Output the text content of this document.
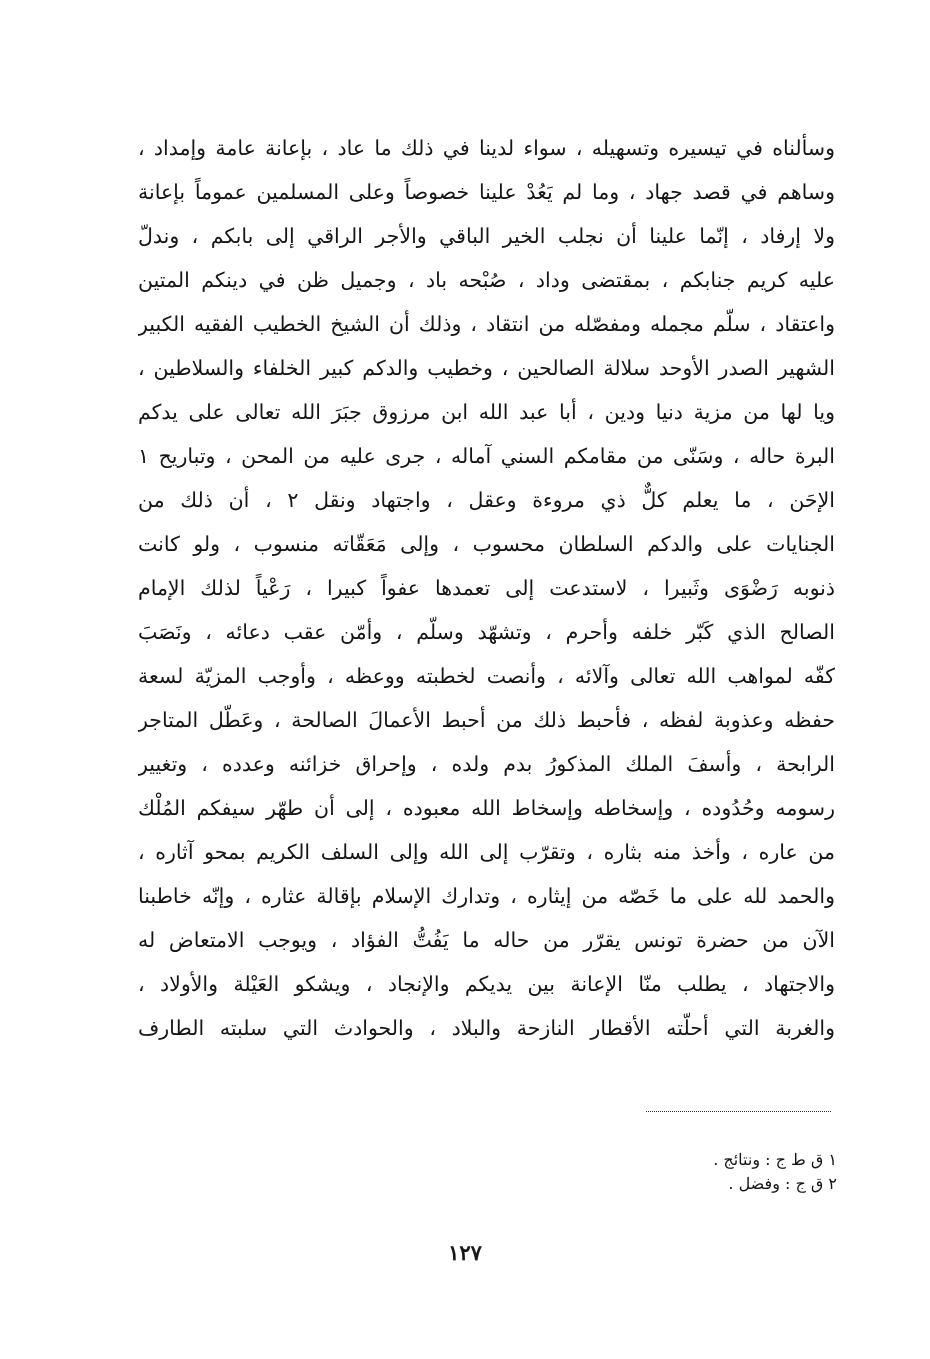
وسألناه في تيسيره وتسهيله ، سواء لدينا في ذلك ما عاد ، بإعانة عامة وإمداد ،
وساهم في قصد جهاد ، وما لم يَعُدْ علينا خصوصاً وعلى المسلمين عموماً بإعانة
ولا إرفاد ، إنّما علينا أن نجلب الخير الباقي والأجر الراقي إلى بابكم ، وندلّ
عليه كريم جنابكم ، بمقتضى وداد ، صُبْحه باد ، وجميل ظن في دينكم المتين
واعتقاد ، سلّم مجمله ومفصّله من انتقاد ، وذلك أن الشيخ الخطيب الفقيه الكبير
الشهير الصدر الأوحد سلالة الصالحين ، وخطيب والدكم كبير الخلفاء والسلاطين ،
ويا لها من مزية دنيا ودين ، أبا عبد الله ابن مرزوق جبَرَ الله تعالى على يدكم
البرة حاله ، وسَنّى من مقامكم السني آماله ، جرى عليه من المحن ، وتباريح ١
الإحَن ، ما يعلم كلٌّ ذي مروءة وعقل ، واجتهاد ونقل ٢ ، أن ذلك من
الجنايات على والدكم السلطان محسوب ، وإلى مَعَقّاته منسوب ، ولو كانت
ذنوبه رَضْوَى وثَبيرا ، لاستدعت إلى تعمدها عفواً كبيرا ، رَعْياً لذلك الإمام
الصالح الذي كَبّر خلفه وأحرم ، وتشهّد وسلّم ، وأمّن عقب دعائه ، ونَصَبَ
كفّه لمواهب الله تعالى وآلائه ، وأنصت لخطبته ووعظه ، وأوجب المزيّة لسعة
حفظه وعذوبة لفظه ، فأحبط ذلك من أحبط الأعمالَ الصالحة ، وعَطّل المتاجر
الرابحة ، وأسفَ الملك المذكورُ بدم ولده ، وإحراق خزائنه وعدده ، وتغيير
رسومه وحُدُوده ، وإسخاطه وإسخاط الله معبوده ، إلى أن طهّر سيفكم المُلْك
من عاره ، وأخذ منه بثاره ، وتقرّب إلى الله وإلى السلف الكريم بمحو آثاره ،
والحمد لله على ما خَصّه من إيثاره ، وتدارك الإسلام بإقالة عثاره ، وإنّه خاطبنا
الآن من حضرة تونس يقرّر من حاله ما يَفُتُّ الفؤاد ، ويوجب الامتعاض له
والاجتهاد ، يطلب منّا الإعانة بين يديكم والإنجاد ، ويشكو العَيْلة والأولاد ،
والغربة التي أحلّته الأقطار النازحة والبلاد ، والحوادث التي سلبته الطارف
١ ق ط ج : ونتائج .
٢ ق ج : وفضل .
١٢٧
